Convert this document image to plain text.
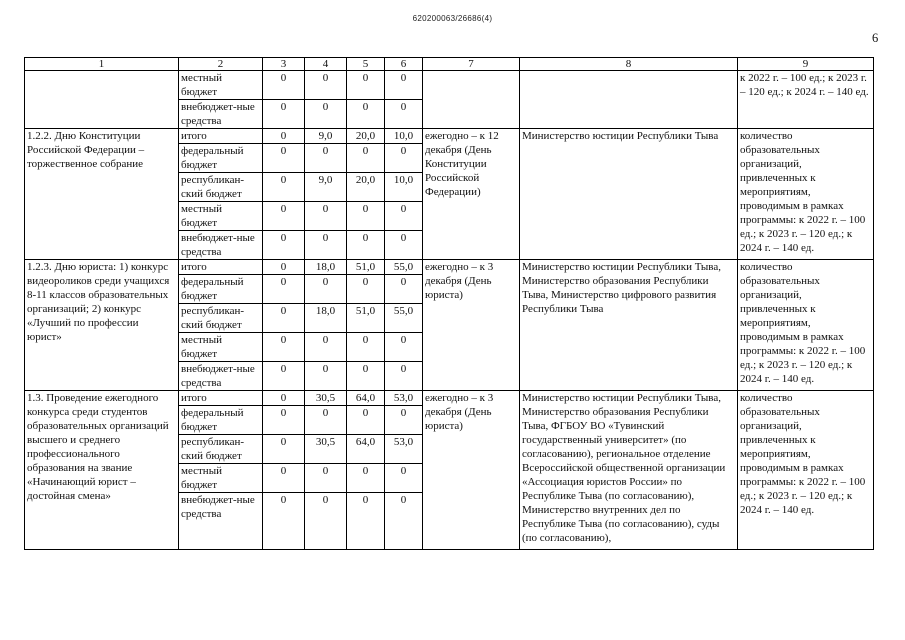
620200063/26686(4)
6
1	2	3	4	5	6	7	8	9
	местный бюджет	0	0	0	0			к 2022 г. – 100 ед.; к 2023 г. – 120 ед.; к 2024 г. – 140 ед.
	внебюджет-ные средства	0	0	0	0			
1.2.2. Дню Конституции Российской Федерации – торжественное собрание	итого	0	9,0	20,0	10,0	ежегодно – к 12 декабря (День Конституции Российской Федерации)	Министерство юстиции Республики Тыва	количество образовательных организаций, привлеченных к мероприятиям, проводимым в рамках программы: к 2022 г. – 100 ед.; к 2023 г. – 120 ед.; к 2024 г. – 140 ед.
	федеральный бюджет	0	0	0	0			
	республикан-ский бюджет	0	9,0	20,0	10,0			
	местный бюджет	0	0	0	0			
	внебюджет-ные средства	0	0	0	0			
1.2.3. Дню юриста: 1) конкурс видеороликов среди учащихся 8-11 классов образовательных организаций; 2) конкурс «Лучший по профессии юрист»	итого	0	18,0	51,0	55,0	ежегодно – к 3 декабря (День юриста)	Министерство юстиции Республики Тыва, Министерство образования Республики Тыва, Министерство цифрового развития Республики Тыва	количество образовательных организаций, привлеченных к мероприятиям, проводимым в рамках программы: к 2022 г. – 100 ед.; к 2023 г. – 120 ед.; к 2024 г. – 140 ед.
	федеральный бюджет	0	0	0	0			
	республикан-ский бюджет	0	18,0	51,0	55,0			
	местный бюджет	0	0	0	0			
	внебюджет-ные средства	0	0	0	0			
1.3. Проведение ежегодного конкурса среди студентов образовательных организаций высшего и среднего профессионального образования на звание «Начинающий юрист – достойная смена»	итого	0	30,5	64,0	53,0	ежегодно – к 3 декабря (День юриста)	Министерство юстиции Республики Тыва, Министерство образования Республики Тыва, ФГБОУ ВО «Тувинский государственный университет» (по согласованию), региональное отделение Всероссийской общественной организации «Ассоциация юристов России» по Республике Тыва (по согласованию), Министерство внутренних дел по Республике Тыва (по согласованию), суды (по согласованию),	количество образовательных организаций, привлеченных к мероприятиям, проводимым в рамках программы: к 2022 г. – 100 ед.; к 2023 г. – 120 ед.; к 2024 г. – 140 ед.
	федеральный бюджет	0	0	0	0			
	республикан-ский бюджет	0	30,5	64,0	53,0			
	местный бюджет	0	0	0	0			
	внебюджет-ные средства	0	0	0	0			
